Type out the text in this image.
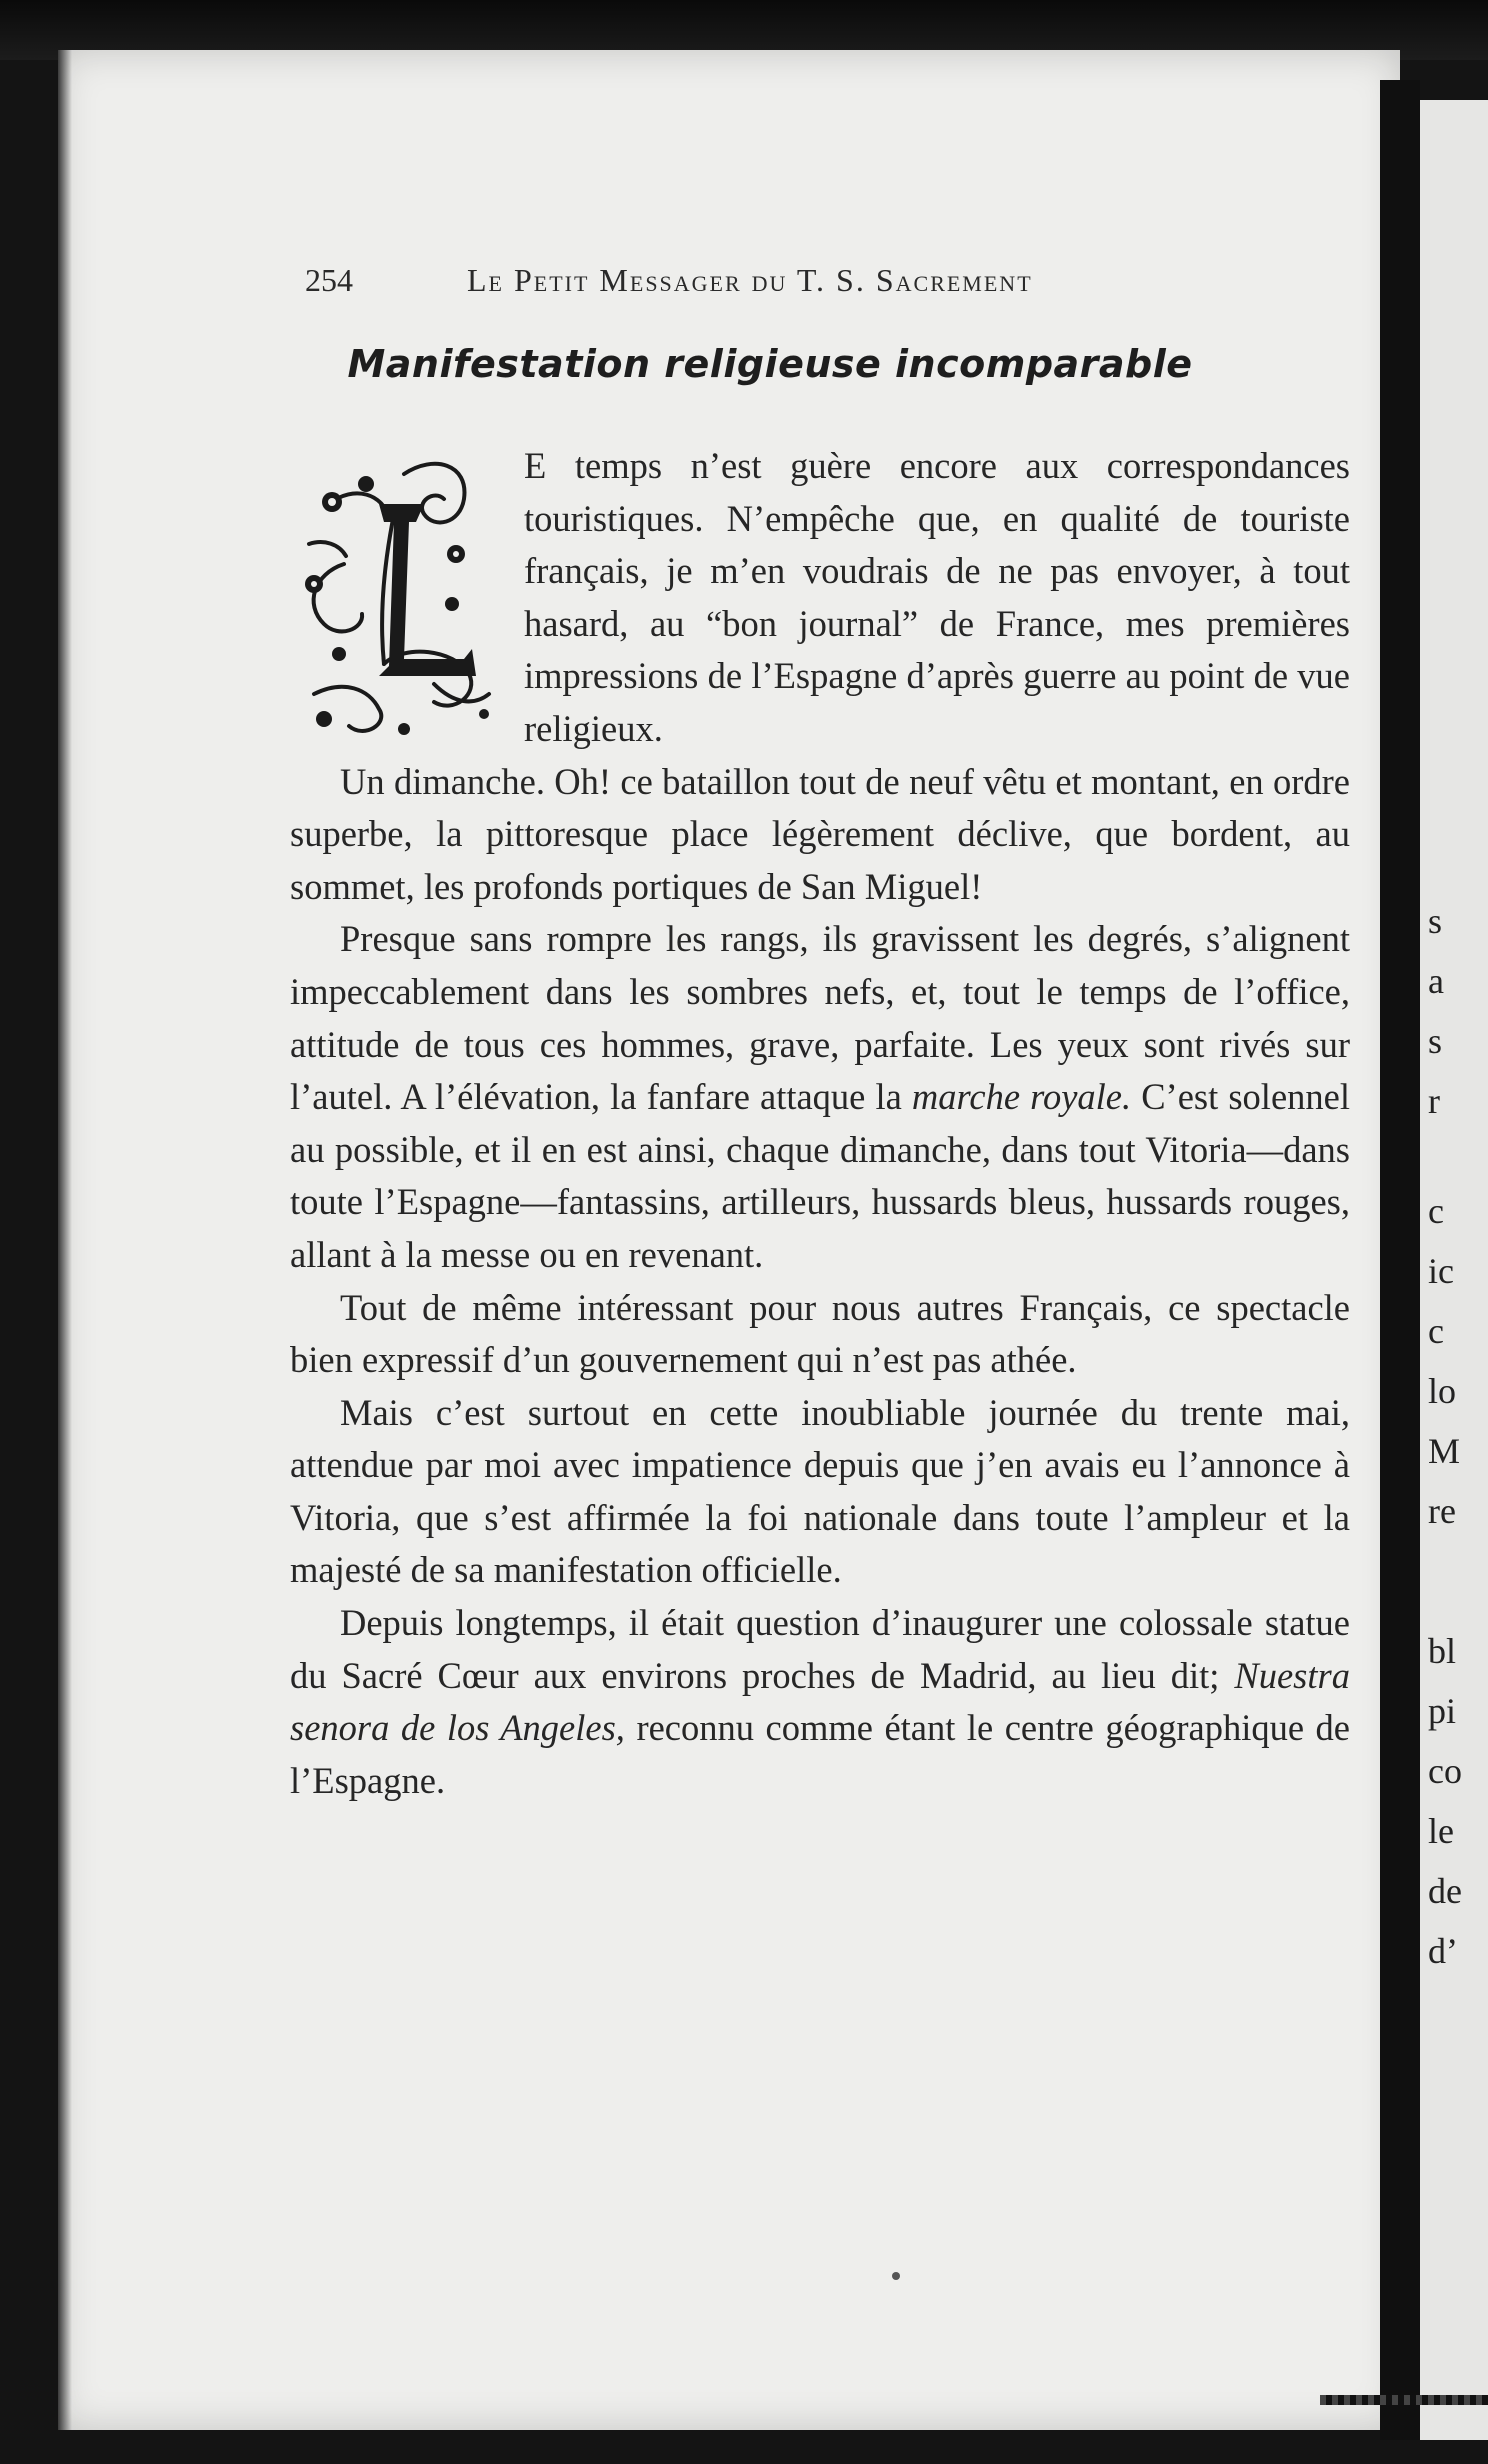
s
a
s
r
c
ic
c
lo
M
re
bl
pi
co
le
de
d’
254	Le Petit Messager du T. S. Sacrement
Manifestation religieuse incomparable

E temps n’est guère encore aux correspondances touristiques. N’empêche que, en qualité de touriste français, je m’en voudrais de ne pas envoyer, à tout hasard, au “bon journal” de France, mes premières impressions de l’Espagne d’après guerre au point de vue religieux.

Un dimanche. Oh! ce bataillon tout de neuf vêtu et montant, en ordre superbe, la pittoresque place légèrement déclive, que bordent, au sommet, les profonds portiques de San Miguel!

Presque sans rompre les rangs, ils gravissent les degrés, s’alignent impeccablement dans les sombres nefs, et, tout le temps de l’office, attitude de tous ces hommes, grave, parfaite. Les yeux sont rivés sur l’autel. A l’élévation, la fanfare attaque la marche royale. C’est solennel au possible, et il en est ainsi, chaque dimanche, dans tout Vitoria—dans toute l’Espagne—fantassins, artilleurs, hussards bleus, hussards rouges, allant à la messe ou en revenant.

Tout de même intéressant pour nous autres Français, ce spectacle bien expressif d’un gouvernement qui n’est pas athée.

Mais c’est surtout en cette inoubliable journée du trente mai, attendue par moi avec impatience depuis que j’en avais eu l’annonce à Vitoria, que s’est affirmée la foi nationale dans toute l’ampleur et la majesté de sa manifestation officielle.

Depuis longtemps, il était question d’inaugurer une colossale statue du Sacré Cœur aux environs proches de Madrid, au lieu dit; Nuestra senora de los Angeles, reconnu comme étant le centre géographique de l’Espagne.
